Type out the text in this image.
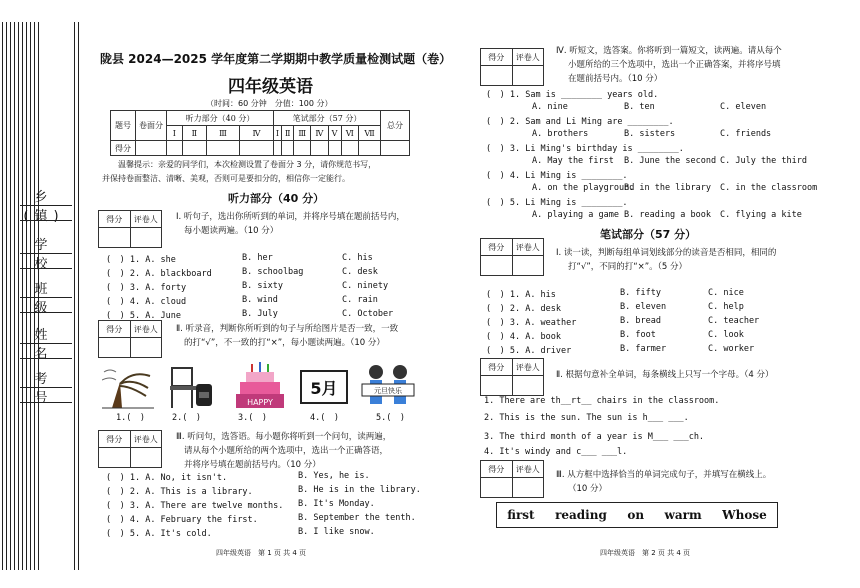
乡(镇)
学 校
班 级
姓 名
考 号
陇县 2024—2025 学年度第二学期期中教学质量检测试题（卷）
四年级英语
（时间：60 分钟　分值：100 分）
题号	卷面分	听力部分（40 分）				笔试部分（57 分）							总分
		Ⅰ	Ⅱ	Ⅲ	Ⅳ	Ⅰ	Ⅱ	Ⅲ	Ⅳ	Ⅴ	Ⅵ	Ⅶ	
得分													
温馨提示：亲爱的同学们，本次检测设置了卷面分 3 分，请你规范书写，
并保持卷面整洁、清晰、美观，否则可是要扣分的，相信你一定能行。
听力部分（40 分）
得分	评卷人	Ⅰ. 听句子，选出你所听到的单词，并将序号填在题前括号内，
每小题读两遍。（10 分）
(　) 1. A. she	B. her	C. his
(　) 2. A. blackboard	B. schoolbag	C. desk
(　) 3. A. forty	B. sixty	C. ninety
(　) 4. A. cloud	B. wind	C. rain
(　) 5. A. June	B. July	C. October
得分	评卷人	Ⅱ. 听录音，判断你所听到的句子与所给图片是否一致，一致
的打“√”，不一致的打“×”，每小题读两遍。（10 分）
HAPPY
5月	元旦快乐
1.(　)	2.(　)	3.(　)	4.(　)	5.(　)
得分	评卷人	Ⅲ. 听问句，选答语。每小题你将听到一个问句，读两遍，
请从每个小题所给的两个选项中，选出一个正确答语，
并将序号填在题前括号内。（10 分）
(　) 1. A. No, it isn't.	B. Yes, he is.
(　) 2. A. This is a library.	B. He is in the library.
(　) 3. A. There are twelve months. B. It's Monday.
(　) 4. A. February the first.	B. September the tenth.
(　) 5. A. It's cold.	B. I like snow.
四年级英语　第 1 页 共 4 页
得分	评卷人
Ⅳ. 听短文，选答案。你将听到一篇短文，读两遍。请从每个
小题所给的三个选项中，选出一个正确答案，并将序号填
在题前括号内。（10 分）
(　) 1. Sam is ________ years old.
A. nine	B. ten	C. eleven
(　) 2. Sam and Li Ming are ________.
A. brothers	B. sisters	C. friends
(　) 3. Li Ming's birthday is ________.
A. May the first B. June the second C. July the third
(　) 4. Li Ming is ________.
A. on the playground
B. in the library C. in the classroom
(　) 5. Li Ming is ________.
A. playing a game B. reading a book C. flying a kite
笔试部分（57 分）
得分	评卷人
Ⅰ. 读一读，判断每组单词划线部分的读音是否相同，相同的
打“√”，不同的打“×”。（5 分）
(　) 1. A. his	B. fifty	C. nice
(　) 2. A. desk	B. eleven	C. help
(　) 3. A. weather	B. bread	C. teacher
(　) 4. A. book	B. foot	C. look
(　) 5. A. driver	B. farmer	C. worker
得分	评卷人
Ⅱ. 根据句意补全单词，每条横线上只写一个字母。（4 分）
1. There are th__rt__ chairs in the classroom.
2. This is the sun. The sun is h___ ___.
3. The third month of a year is M___ ___ch.
4. It's windy and c___ ___l.
得分	评卷人
Ⅲ. 从方框中选择恰当的单词完成句子，并填写在横线上。
（10 分）
first reading on warm Whose
四年级英语　第 2 页 共 4 页
